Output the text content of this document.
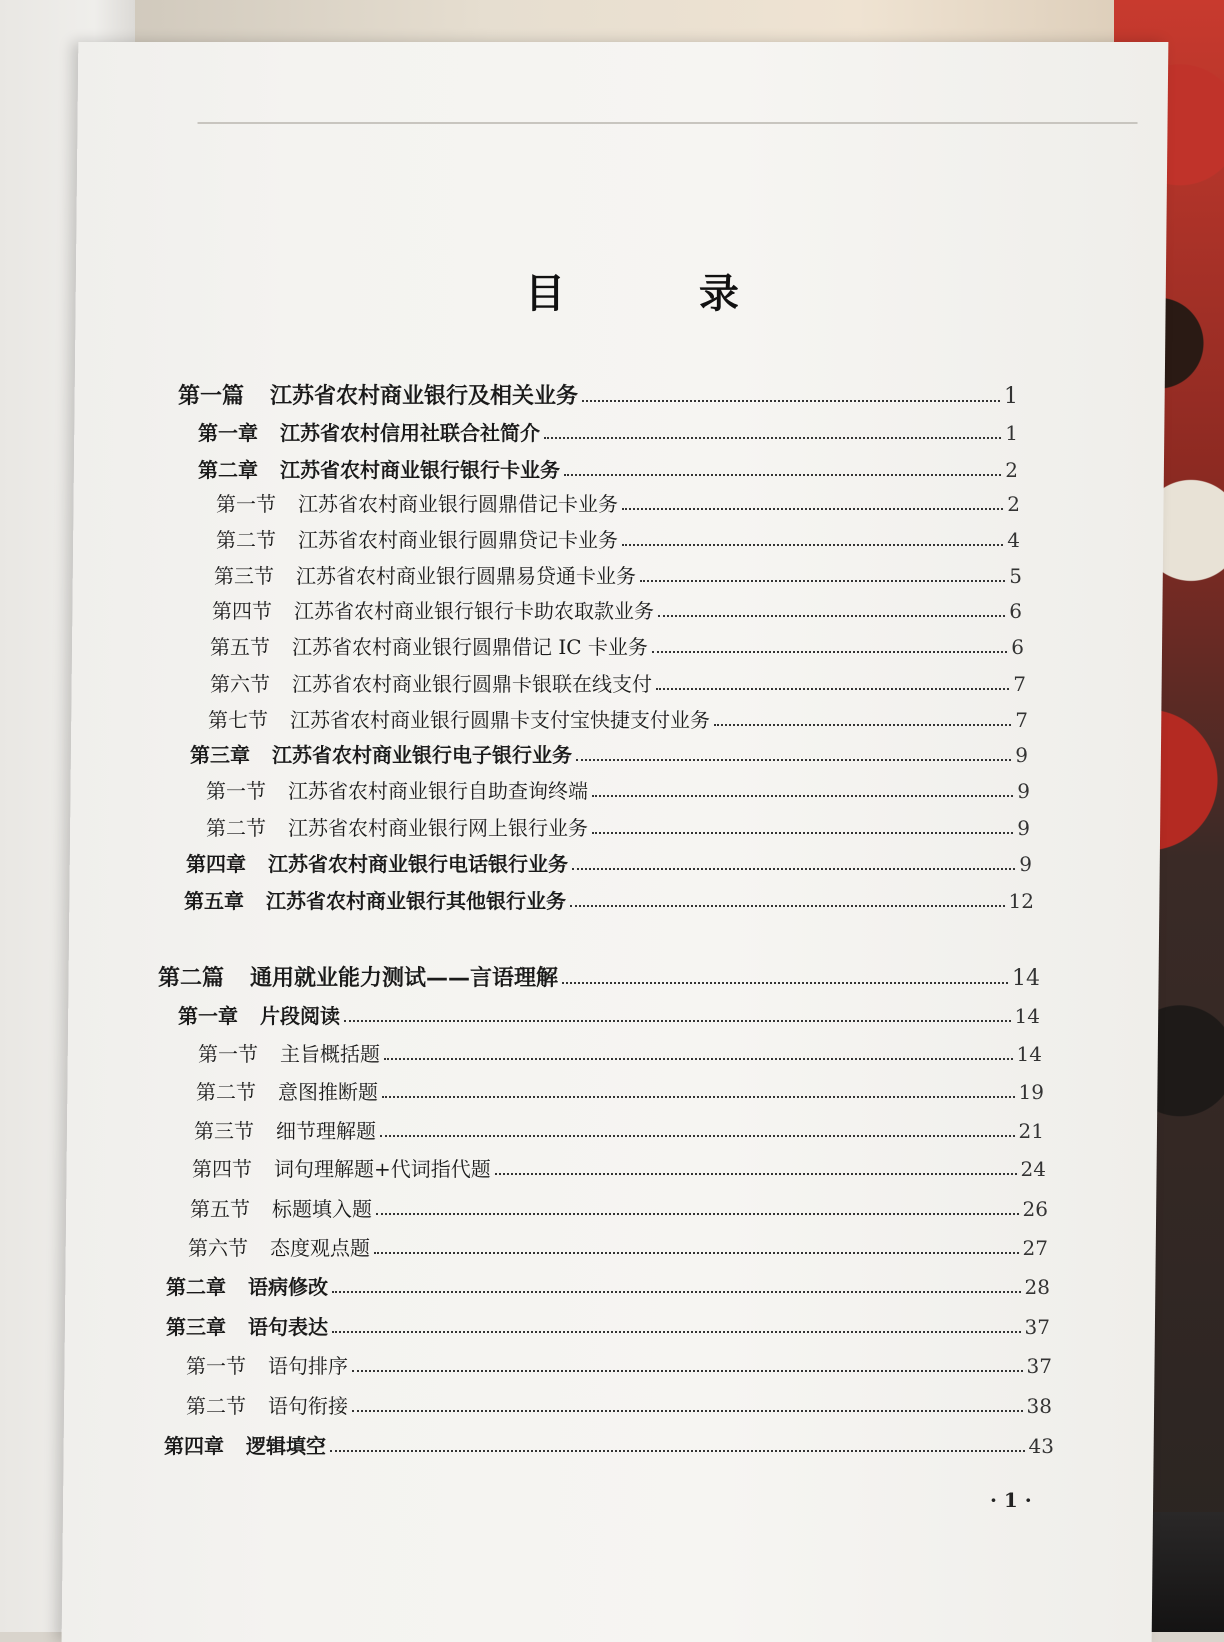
目 录
第一篇 江苏省农村商业银行及相关业务	1
第一章 江苏省农村信用社联合社简介	1
第二章 江苏省农村商业银行银行卡业务	2
第一节 江苏省农村商业银行圆鼎借记卡业务	2
第二节 江苏省农村商业银行圆鼎贷记卡业务	4
第三节 江苏省农村商业银行圆鼎易贷通卡业务	5
第四节 江苏省农村商业银行银行卡助农取款业务	6
第五节 江苏省农村商业银行圆鼎借记 IC 卡业务	6
第六节 江苏省农村商业银行圆鼎卡银联在线支付	7
第七节 江苏省农村商业银行圆鼎卡支付宝快捷支付业务	7
第三章 江苏省农村商业银行电子银行业务	9
第一节 江苏省农村商业银行自助查询终端	9
第二节 江苏省农村商业银行网上银行业务	9
第四章 江苏省农村商业银行电话银行业务	9
第五章 江苏省农村商业银行其他银行业务	12
第二篇 通用就业能力测试——言语理解	14
第一章 片段阅读	14
第一节 主旨概括题	14
第二节 意图推断题	19
第三节 细节理解题	21
第四节 词句理解题+代词指代题	24
第五节 标题填入题	26
第六节 态度观点题	27
第二章 语病修改	28
第三章 语句表达	37
第一节 语句排序	37
第二节 语句衔接	38
第四章 逻辑填空	43
· 1 ·
